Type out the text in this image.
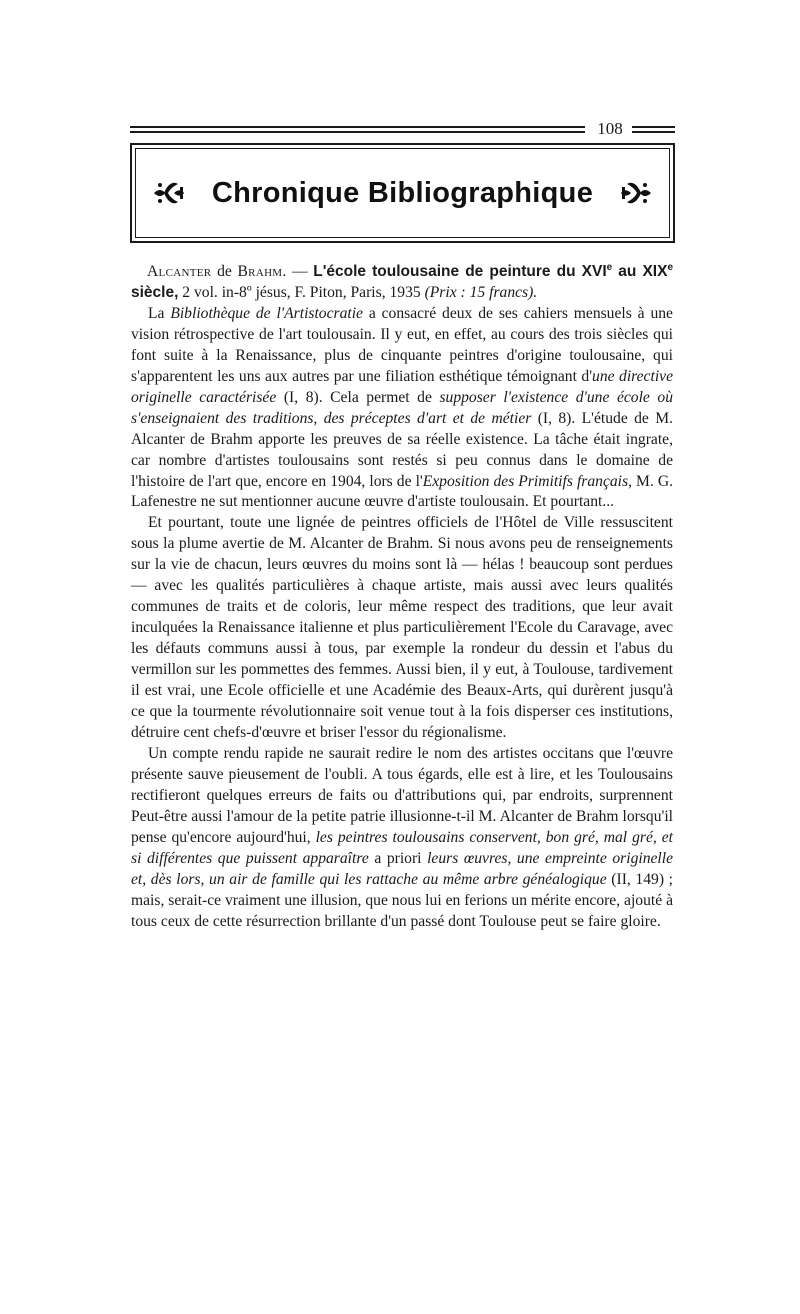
108
Chronique Bibliographique

Alcanter de Brahm. — L'école toulousaine de peinture du XVIe au XIXe siècle, 2 vol. in-8º jésus, F. Piton, Paris, 1935 (Prix : 15 francs).

La Bibliothèque de l'Artistocratie a consacré deux de ses cahiers mensuels à une vision rétrospective de l'art toulousain. Il y eut, en effet, au cours des trois siècles qui font suite à la Renaissance, plus de cinquante peintres d'origine toulousaine, qui s'apparentent les uns aux autres par une filiation esthétique témoignant d'une directive originelle caractérisée (I, 8). Cela permet de supposer l'existence d'une école où s'enseignaient des traditions, des préceptes d'art et de métier (I, 8). L'étude de M. Alcanter de Brahm apporte les preuves de sa réelle existence. La tâche était ingrate, car nombre d'artistes toulousains sont restés si peu connus dans le domaine de l'histoire de l'art que, encore en 1904, lors de l'Exposition des Primitifs français, M. G. Lafenestre ne sut mentionner aucune œuvre d'artiste toulousain. Et pourtant...

Et pourtant, toute une lignée de peintres officiels de l'Hôtel de Ville ressuscitent sous la plume avertie de M. Alcanter de Brahm. Si nous avons peu de renseignements sur la vie de chacun, leurs œuvres du moins sont là — hélas ! beaucoup sont perdues — avec les qualités particulières à chaque artiste, mais aussi avec leurs qualités communes de traits et de coloris, leur même respect des traditions, que leur avait inculquées la Renaissance italienne et plus particulièrement l'Ecole du Caravage, avec les défauts communs aussi à tous, par exemple la rondeur du dessin et l'abus du vermillon sur les pommettes des femmes. Aussi bien, il y eut, à Toulouse, tardivement il est vrai, une Ecole officielle et une Académie des Beaux-Arts, qui durèrent jusqu'à ce que la tourmente révolutionnaire soit venue tout à la fois disperser ces institutions, détruire cent chefs-d'œuvre et briser l'essor du régionalisme.

Un compte rendu rapide ne saurait redire le nom des artistes occitans que l'œuvre présente sauve pieusement de l'oubli. A tous égards, elle est à lire, et les Toulousains rectifieront quelques erreurs de faits ou d'attributions qui, par endroits, surprennent Peut-être aussi l'amour de la petite patrie illusionne-t-il M. Alcanter de Brahm lorsqu'il pense qu'encore aujourd'hui, les peintres toulousains conservent, bon gré, mal gré, et si différentes que puissent apparaître a priori leurs œuvres, une empreinte originelle et, dès lors, un air de famille qui les rattache au même arbre généalogique (II, 149) ; mais, serait-ce vraiment une illusion, que nous lui en ferions un mérite encore, ajouté à tous ceux de cette résurrection brillante d'un passé dont Toulouse peut se faire gloire.
